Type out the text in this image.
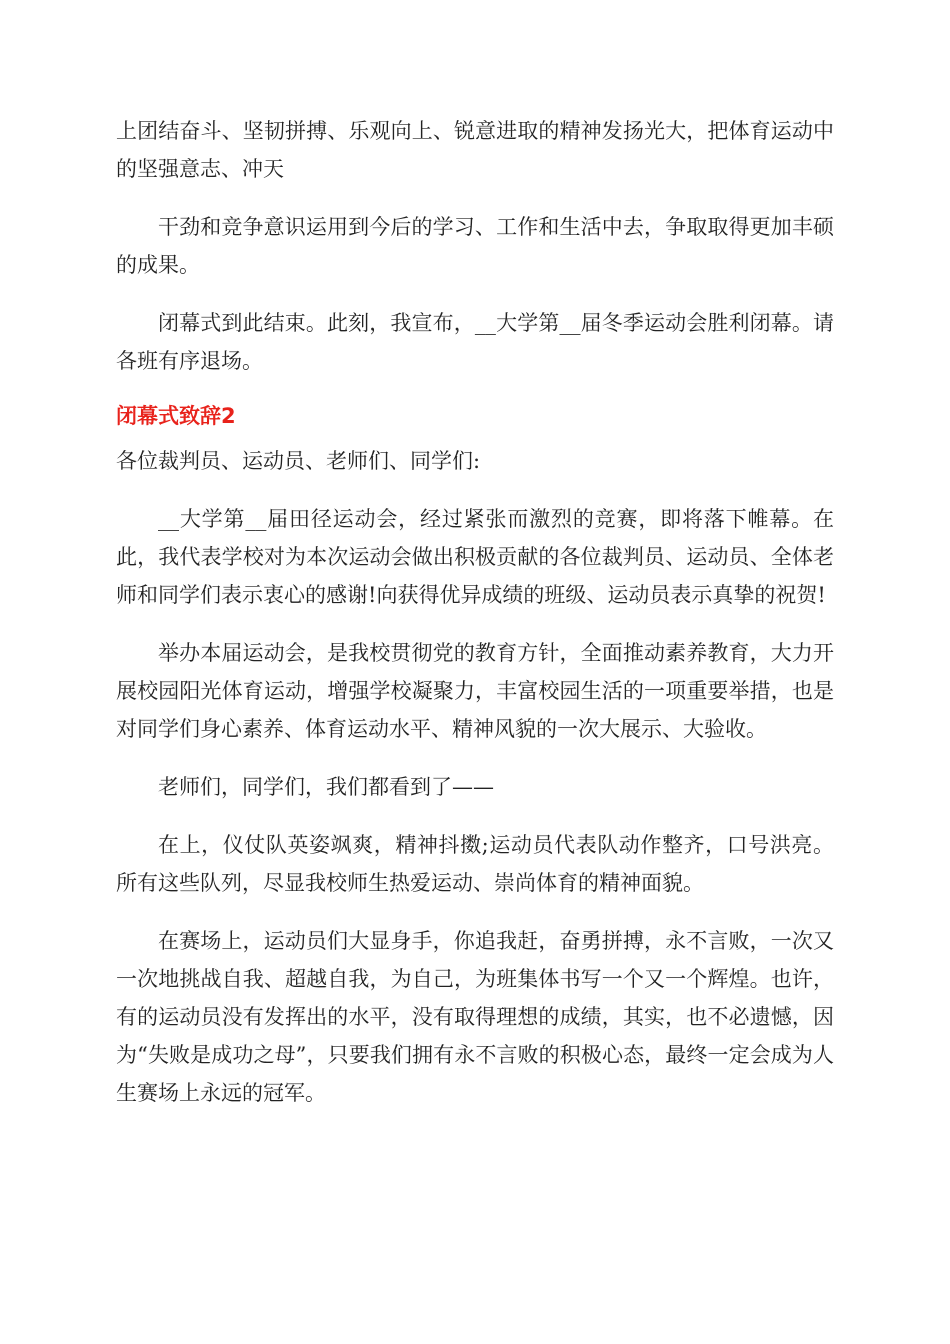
上团结奋斗、坚韧拼搏、乐观向上、锐意进取的精神发扬光大，把体育运动中的坚强意志、冲天

干劲和竞争意识运用到今后的学习、工作和生活中去，争取取得更加丰硕的成果。

闭幕式到此结束。此刻，我宣布，__大学第__届冬季运动会胜利闭幕。请各班有序退场。

闭幕式致辞2

各位裁判员、运动员、老师们、同学们:

__大学第__届田径运动会，经过紧张而激烈的竞赛，即将落下帷幕。在此，我代表学校对为本次运动会做出积极贡献的各位裁判员、运动员、全体老师和同学们表示衷心的感谢!向获得优异成绩的班级、运动员表示真挚的祝贺!

举办本届运动会，是我校贯彻党的教育方针，全面推动素养教育，大力开展校园阳光体育运动，增强学校凝聚力，丰富校园生活的一项重要举措，也是对同学们身心素养、体育运动水平、精神风貌的一次大展示、大验收。

老师们，同学们，我们都看到了——

在上，仪仗队英姿飒爽，精神抖擞;运动员代表队动作整齐，口号洪亮。所有这些队列，尽显我校师生热爱运动、崇尚体育的精神面貌。

在赛场上，运动员们大显身手，你追我赶，奋勇拼搏，永不言败，一次又一次地挑战自我、超越自我，为自己，为班集体书写一个又一个辉煌。也许，有的运动员没有发挥出的水平，没有取得理想的成绩，其实，也不必遗憾，因为“失败是成功之母”，只要我们拥有永不言败的积极心态，最终一定会成为人生赛场上永远的冠军。
